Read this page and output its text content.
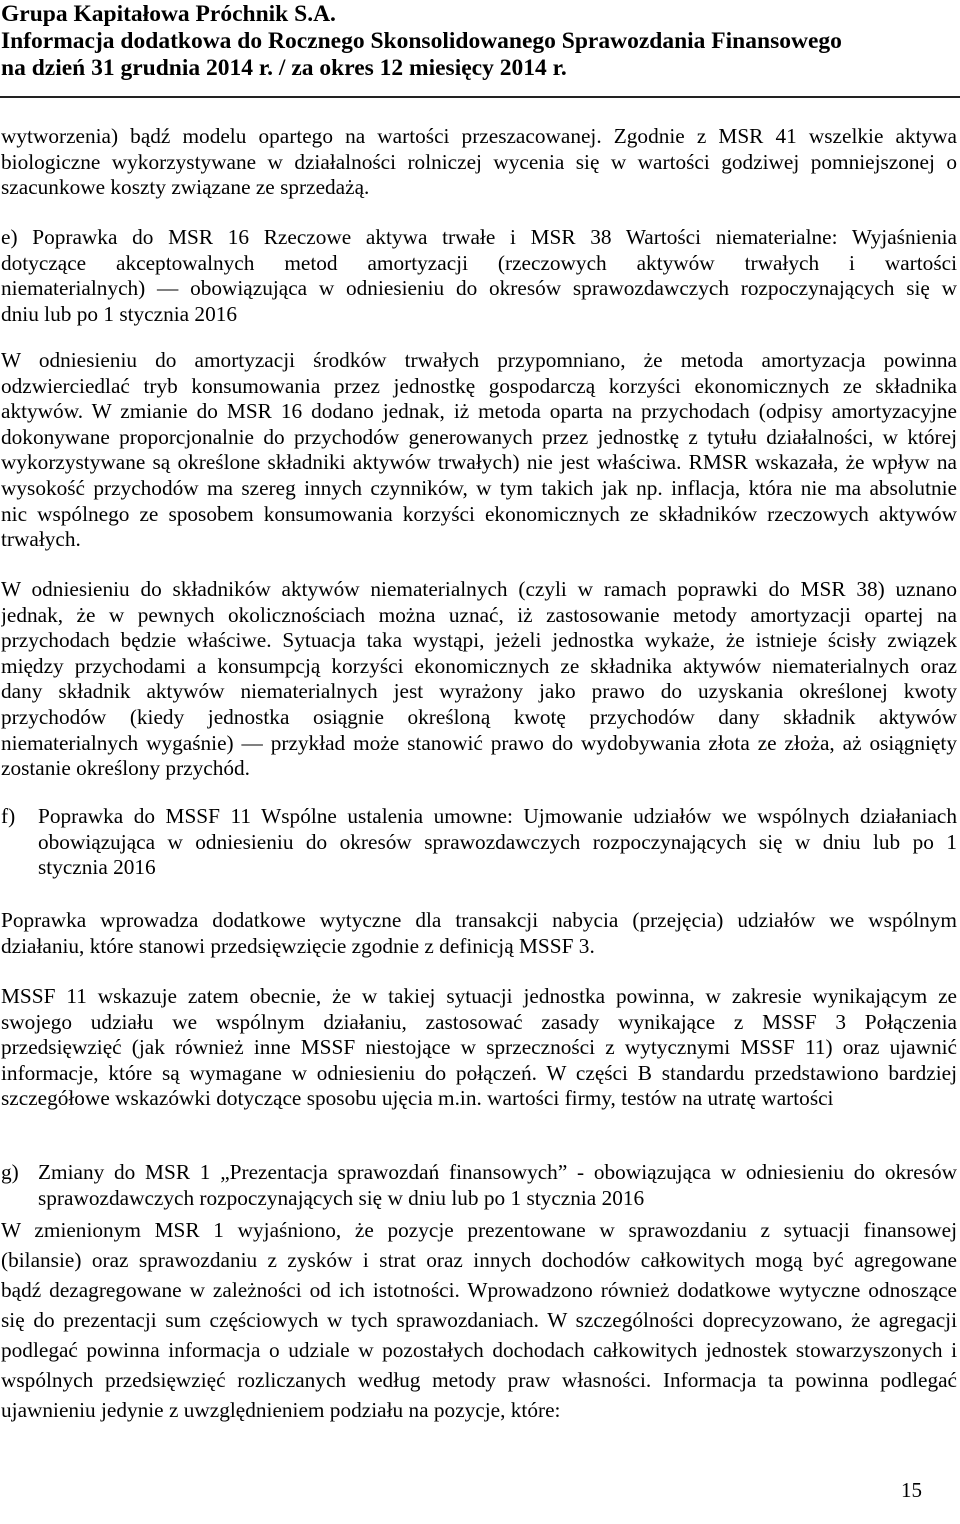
Grupa Kapitałowa Próchnik S.A.
Informacja dodatkowa do Rocznego Skonsolidowanego Sprawozdania Finansowego
na dzień 31 grudnia 2014 r. / za okres 12 miesięcy 2014 r.
wytworzenia) bądź modelu opartego na wartości przeszacowanej. Zgodnie z MSR 41 wszelkie aktywa
biologiczne wykorzystywane w działalności rolniczej wycenia się w wartości godziwej pomniejszonej o
szacunkowe koszty związane ze sprzedażą.
e) Poprawka do MSR 16 Rzeczowe aktywa trwałe i MSR 38 Wartości niematerialne: Wyjaśnienia
dotyczące akceptowalnych metod amortyzacji (rzeczowych aktywów trwałych i wartości
niematerialnych) ― obowiązująca w odniesieniu do okresów sprawozdawczych rozpoczynających się w
dniu lub po 1 stycznia 2016
W odniesieniu do amortyzacji środków trwałych przypomniano, że metoda amortyzacja powinna
odzwierciedlać tryb konsumowania przez jednostkę gospodarczą korzyści ekonomicznych ze składnika
aktywów. W zmianie do MSR 16 dodano jednak, iż metoda oparta na przychodach (odpisy amortyzacyjne
dokonywane proporcjonalnie do przychodów generowanych przez jednostkę z tytułu działalności, w której
wykorzystywane są określone składniki aktywów trwałych) nie jest właściwa. RMSR wskazała, że wpływ na
wysokość przychodów ma szereg innych czynników, w tym takich jak np. inflacja, która nie ma absolutnie
nic wspólnego ze sposobem konsumowania korzyści ekonomicznych ze składników rzeczowych aktywów
trwałych.
W odniesieniu do składników aktywów niematerialnych (czyli w ramach poprawki do MSR 38) uznano
jednak, że w pewnych okolicznościach można uznać, iż zastosowanie metody amortyzacji opartej na
przychodach będzie właściwe. Sytuacja taka wystąpi, jeżeli jednostka wykaże, że istnieje ścisły związek
między przychodami a konsumpcją korzyści ekonomicznych ze składnika aktywów niematerialnych oraz
dany składnik aktywów niematerialnych jest wyrażony jako prawo do uzyskania określonej kwoty
przychodów (kiedy jednostka osiągnie określoną kwotę przychodów dany składnik aktywów
niematerialnych wygaśnie) ― przykład może stanowić prawo do wydobywania złota ze złoża, aż osiągnięty
zostanie określony przychód.
f) Poprawka do MSSF 11 Wspólne ustalenia umowne: Ujmowanie udziałów we wspólnych działaniach
obowiązująca w odniesieniu do okresów sprawozdawczych rozpoczynających się w dniu lub po 1
stycznia 2016
Poprawka wprowadza dodatkowe wytyczne dla transakcji nabycia (przejęcia) udziałów we wspólnym
działaniu, które stanowi przedsięwzięcie zgodnie z definicją MSSF 3.
MSSF 11 wskazuje zatem obecnie, że w takiej sytuacji jednostka powinna, w zakresie wynikającym ze
swojego udziału we wspólnym działaniu, zastosować zasady wynikające z MSSF 3 Połączenia
przedsięwzięć (jak również inne MSSF niestojące w sprzeczności z wytycznymi MSSF 11) oraz ujawnić
informacje, które są wymagane w odniesieniu do połączeń. W części B standardu przedstawiono bardziej
szczegółowe wskazówki dotyczące sposobu ujęcia m.in. wartości firmy, testów na utratę wartości
g) Zmiany do MSR 1 „Prezentacja sprawozdań finansowych” - obowiązująca w odniesieniu do okresów
sprawozdawczych rozpoczynających się w dniu lub po 1 stycznia 2016
W zmienionym MSR 1 wyjaśniono, że pozycje prezentowane w sprawozdaniu z sytuacji finansowej
(bilansie) oraz sprawozdaniu z zysków i strat oraz innych dochodów całkowitych mogą być agregowane
bądź dezagregowane w zależności od ich istotności. Wprowadzono również dodatkowe wytyczne odnoszące
się do prezentacji sum częściowych w tych sprawozdaniach. W szczególności doprecyzowano, że agregacji
podlegać powinna informacja o udziale w pozostałych dochodach całkowitych jednostek stowarzyszonych i
wspólnych przedsięwzięć rozliczanych według metody praw własności. Informacja ta powinna podlegać
ujawnieniu jedynie z uwzględnieniem podziału na pozycje, które:
15
